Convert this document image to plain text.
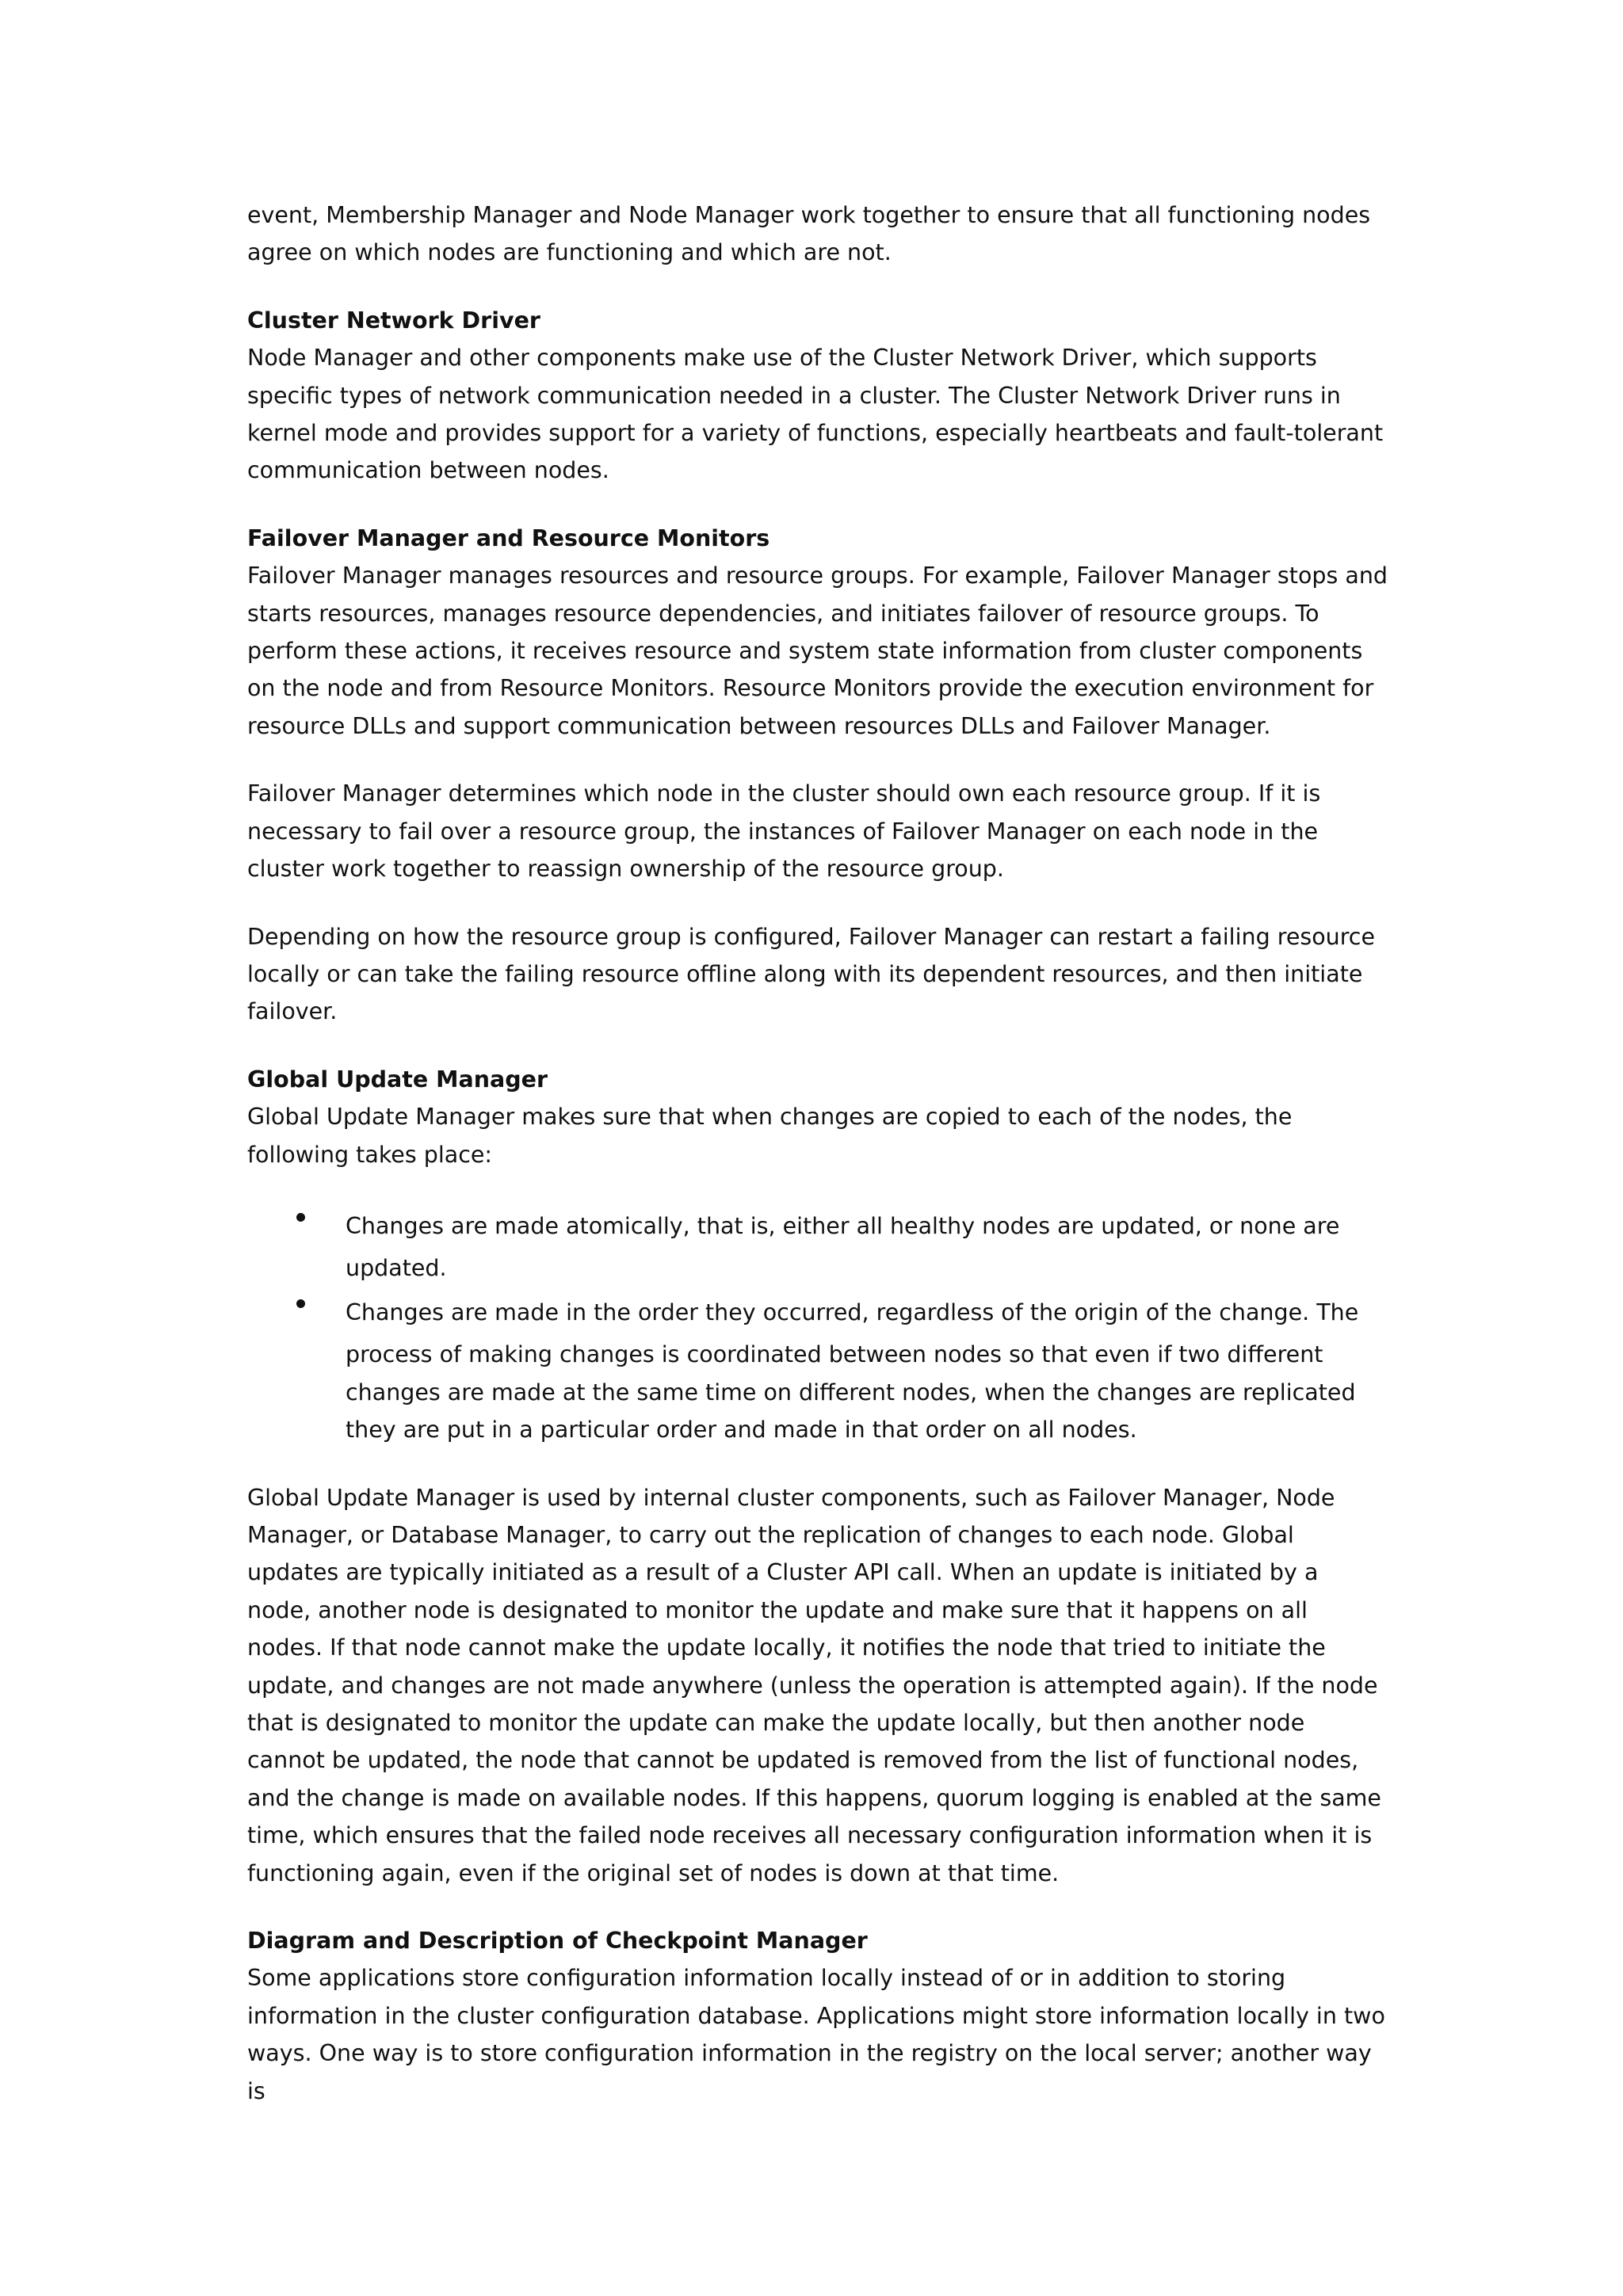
event, Membership Manager and Node Manager work together to ensure that all functioning nodes agree on which nodes are functioning and which are not.

Cluster Network Driver

Node Manager and other components make use of the Cluster Network Driver, which supports specific types of network communication needed in a cluster. The Cluster Network Driver runs in kernel mode and provides support for a variety of functions, especially heartbeats and fault-tolerant communication between nodes.

Failover Manager and Resource Monitors

Failover Manager manages resources and resource groups. For example, Failover Manager stops and starts resources, manages resource dependencies, and initiates failover of resource groups. To perform these actions, it receives resource and system state information from cluster components on the node and from Resource Monitors. Resource Monitors provide the execution environment for resource DLLs and support communication between resources DLLs and Failover Manager.

Failover Manager determines which node in the cluster should own each resource group. If it is necessary to fail over a resource group, the instances of Failover Manager on each node in the cluster work together to reassign ownership of the resource group.

Depending on how the resource group is configured, Failover Manager can restart a failing resource locally or can take the failing resource offline along with its dependent resources, and then initiate failover.

Global Update Manager

Global Update Manager makes sure that when changes are copied to each of the nodes, the following takes place:

Changes are made atomically, that is, either all healthy nodes are updated, or none are
updated.
Changes are made in the order they occurred, regardless of the origin of the change. The
process of making changes is coordinated between nodes so that even if two different changes are made at the same time on different nodes, when the changes are replicated they are put in a particular order and made in that order on all nodes.

Global Update Manager is used by internal cluster components, such as Failover Manager, Node Manager, or Database Manager, to carry out the replication of changes to each node. Global updates are typically initiated as a result of a Cluster API call. When an update is initiated by a node, another node is designated to monitor the update and make sure that it happens on all nodes. If that node cannot make the update locally, it notifies the node that tried to initiate the update, and changes are not made anywhere (unless the operation is attempted again). If the node that is designated to monitor the update can make the update locally, but then another node cannot be updated, the node that cannot be updated is removed from the list of functional nodes, and the change is made on available nodes. If this happens, quorum logging is enabled at the same time, which ensures that the failed node receives all necessary configuration information when it is functioning again, even if the original set of nodes is down at that time.

Diagram and Description of Checkpoint Manager

Some applications store configuration information locally instead of or in addition to storing information in the cluster configuration database. Applications might store information locally in two ways. One way is to store configuration information in the registry on the local server; another way is
